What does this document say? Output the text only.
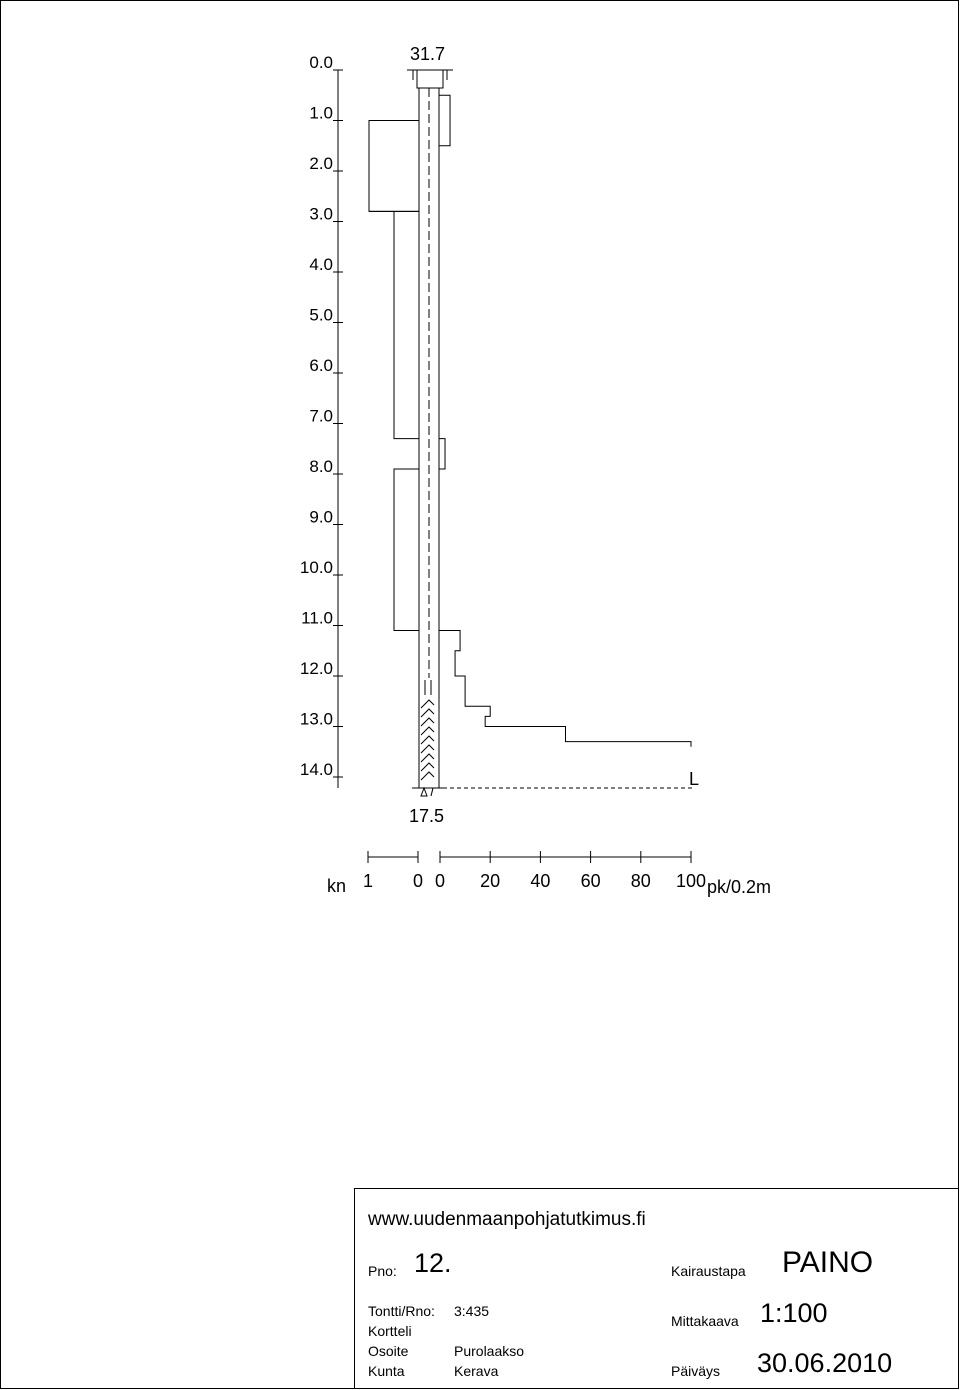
0.0
1.0
2.0
3.0
4.0
5.0
6.0
7.0
8.0
9.0
10.0
11.0
12.0
13.0
14.0
31.7
17.5
L
kn 1 0 0 20 40 60 80 100 pk/0.2m
www.uudenmaanpohjatutkimus.fi
Pno: 12.	Kairaustapa PAINO
Tontti/Rno: 3:435
Kortteli
Osoite	Purolaakso
Kunta	Kerava
Mittakaava 1:100
Päiväys 30.06.2010
